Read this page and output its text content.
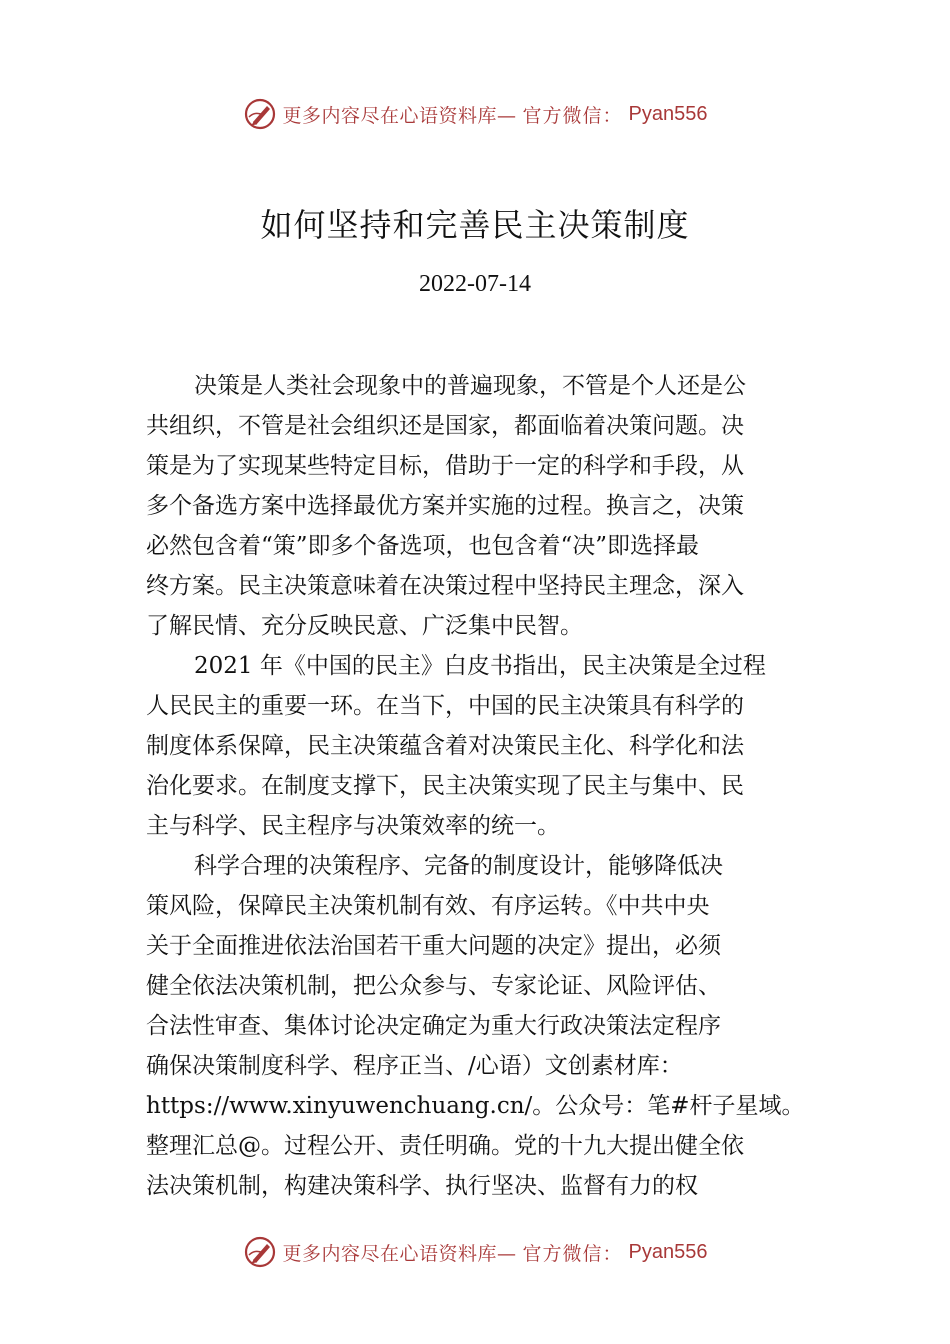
更多内容尽在心语资料库— 官方微信： Pyan556
如何坚持和完善民主决策制度
2022-07-14
决策是人类社会现象中的普遍现象，不管是个人还是公
共组织，不管是社会组织还是国家，都面临着决策问题。决
策是为了实现某些特定目标，借助于一定的科学和手段，从
多个备选方案中选择最优方案并实施的过程。换言之，决策
必然包含着“策”即多个备选项，也包含着“决”即选择最
终方案。民主决策意味着在决策过程中坚持民主理念，深入
了解民情、充分反映民意、广泛集中民智。
2021 年《中国的民主》白皮书指出，民主决策是全过程
人民民主的重要一环。在当下，中国的民主决策具有科学的
制度体系保障，民主决策蕴含着对决策民主化、科学化和法
治化要求。在制度支撑下，民主决策实现了民主与集中、民
主与科学、民主程序与决策效率的统一。
科学合理的决策程序、完备的制度设计，能够降低决
策风险，保障民主决策机制有效、有序运转。《中共中央
关于全面推进依法治国若干重大问题的决定》提出，必须
健全依法决策机制，把公众参与、专家论证、风险评估、
合法性审查、集体讨论决定确定为重大行政决策法定程序
确保决策制度科学、程序正当、/心语）文创素材库：
https://www.xinyuwenchuang.cn/。公众号：笔#杆子星域。
整理汇总@。过程公开、责任明确。党的十九大提出健全依
法决策机制，构建决策科学、执行坚决、监督有力的权
更多内容尽在心语资料库— 官方微信： Pyan556
